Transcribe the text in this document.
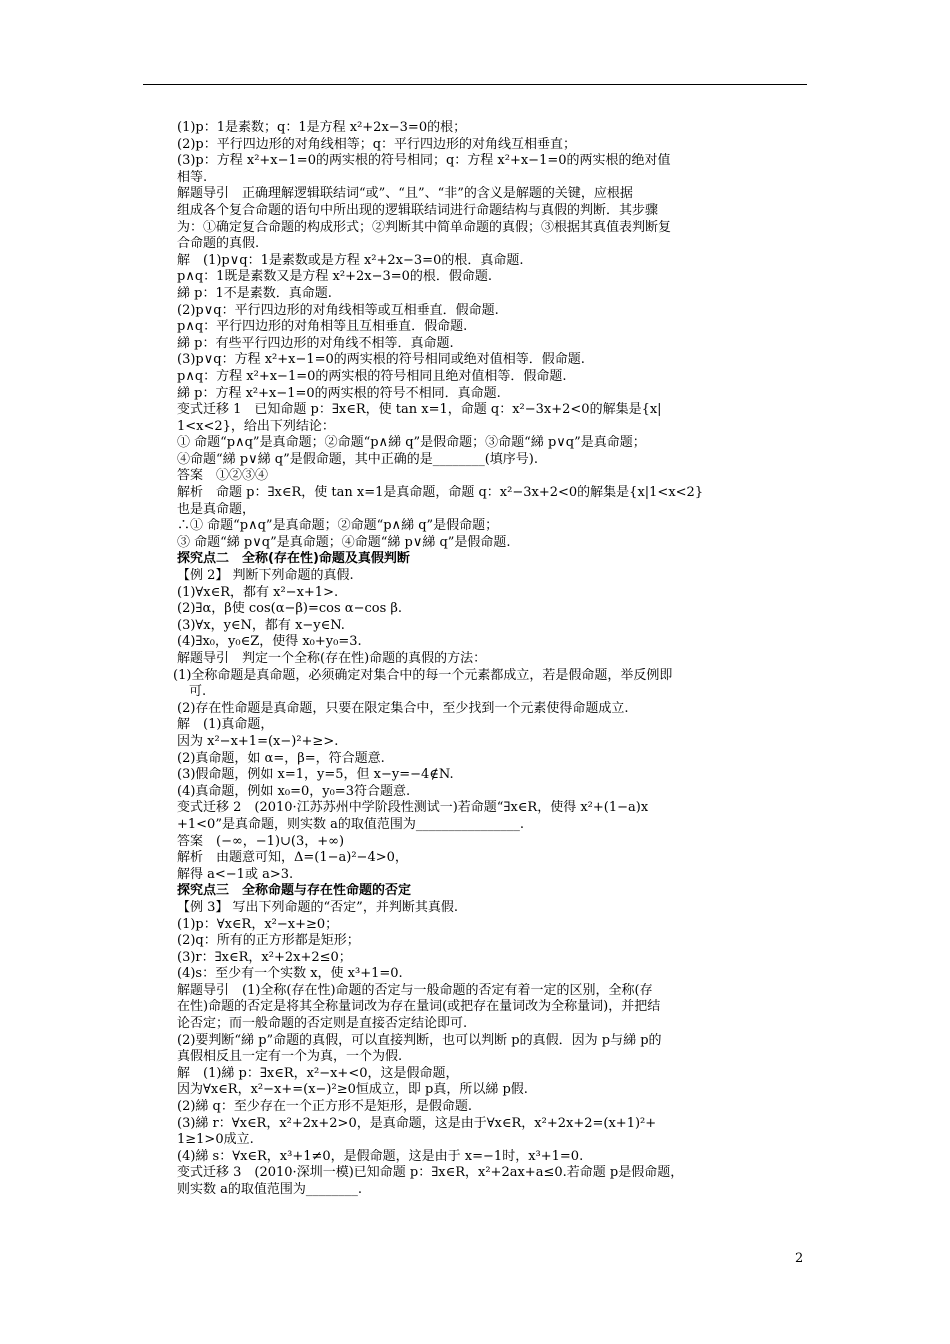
(1)p：1是素数；q：1是方程 x²+2x−3=0的根；
(2)p：平行四边形的对角线相等；q：平行四边形的对角线互相垂直；
(3)p：方程 x²+x−1=0的两实根的符号相同；q：方程 x²+x−1=0的两实根的绝对值
相等.
解题导引　正确理解逻辑联结词“或”、“且”、“非”的含义是解题的关键，应根据
组成各个复合命题的语句中所出现的逻辑联结词进行命题结构与真假的判断．其步骤
为：①确定复合命题的构成形式；②判断其中简单命题的真假；③根据其真值表判断复
合命题的真假.
解　(1)p∨q：1是素数或是方程 x²+2x−3=0的根．真命题.
p∧q：1既是素数又是方程 x²+2x−3=0的根．假命题.
綈 p：1不是素数．真命题.
(2)p∨q：平行四边形的对角线相等或互相垂直．假命题.
p∧q：平行四边形的对角相等且互相垂直．假命题.
綈 p：有些平行四边形的对角线不相等．真命题.
(3)p∨q：方程 x²+x−1=0的两实根的符号相同或绝对值相等．假命题.
p∧q：方程 x²+x−1=0的两实根的符号相同且绝对值相等．假命题.
綈 p：方程 x²+x−1=0的两实根的符号不相同．真命题.
变式迁移 1　已知命题 p：∃x∈R，使 tan x=1，命题 q：x²−3x+2<0的解集是{x|
1<x<2}，给出下列结论：
① 命题“p∧q”是真命题；②命题“p∧綈 q”是假命题；③命题“綈 p∨q”是真命题；
④命题“綈 p∨綈 q”是假命题，其中正确的是________(填序号).
答案　①②③④
解析　命题 p：∃x∈R，使 tan x=1是真命题，命题 q：x²−3x+2<0的解集是{x|1<x<2}
也是真命题，
∴① 命题“p∧q”是真命题；②命题“p∧綈 q”是假命题；
③ 命题“綈 p∨q”是真命题；④命题“綈 p∨綈 q”是假命题.
探究点二　全称(存在性)命题及真假判断
【例 2】 判断下列命题的真假.
(1)∀x∈R，都有 x²−x+1>.
(2)∃α，β使 cos(α−β)=cos α−cos β.
(3)∀x，y∈N，都有 x−y∈N.
(4)∃x₀，y₀∈Z，使得 x₀+y₀=3.
解题导引　判定一个全称(存在性)命题的真假的方法：
(1)全称命题是真命题，必须确定对集合中的每一个元素都成立，若是假命题，举反例即
可.
(2)存在性命题是真命题，只要在限定集合中，至少找到一个元素使得命题成立.
解　(1)真命题，
因为 x²−x+1=(x−)²+≥>.
(2)真命题，如 α=，β=，符合题意.
(3)假命题，例如 x=1，y=5，但 x−y=−4∉N.
(4)真命题，例如 x₀=0，y₀=3符合题意.
变式迁移 2　(2010·江苏苏州中学阶段性测试一)若命题“∃x∈R，使得 x²+(1−a)x
+1<0”是真命题，则实数 a的取值范围为________________.
答案　(−∞，−1)∪(3，+∞)
解析　由题意可知，Δ=(1−a)²−4>0，
解得 a<−1或 a>3.
探究点三　全称命题与存在性命题的否定
【例 3】 写出下列命题的“否定”，并判断其真假.
(1)p：∀x∈R，x²−x+≥0；
(2)q：所有的正方形都是矩形；
(3)r：∃x∈R，x²+2x+2≤0；
(4)s：至少有一个实数 x，使 x³+1=0.
解题导引　(1)全称(存在性)命题的否定与一般命题的否定有着一定的区别，全称(存
在性)命题的否定是将其全称量词改为存在量词(或把存在量词改为全称量词)，并把结
论否定；而一般命题的否定则是直接否定结论即可.
(2)要判断“綈 p”命题的真假，可以直接判断，也可以判断 p的真假．因为 p与綈 p的
真假相反且一定有一个为真，一个为假.
解　(1)綈 p：∃x∈R，x²−x+<0，这是假命题，
因为∀x∈R，x²−x+=(x−)²≥0恒成立，即 p真，所以綈 p假.
(2)綈 q：至少存在一个正方形不是矩形，是假命题.
(3)綈 r：∀x∈R，x²+2x+2>0，是真命题，这是由于∀x∈R，x²+2x+2=(x+1)²+
1≥1>0成立.
(4)綈 s：∀x∈R，x³+1≠0，是假命题，这是由于 x=−1时，x³+1=0.
变式迁移 3　(2010·深圳一模)已知命题 p：∃x∈R，x²+2ax+a≤0.若命题 p是假命题，
则实数 a的取值范围为________.
2
